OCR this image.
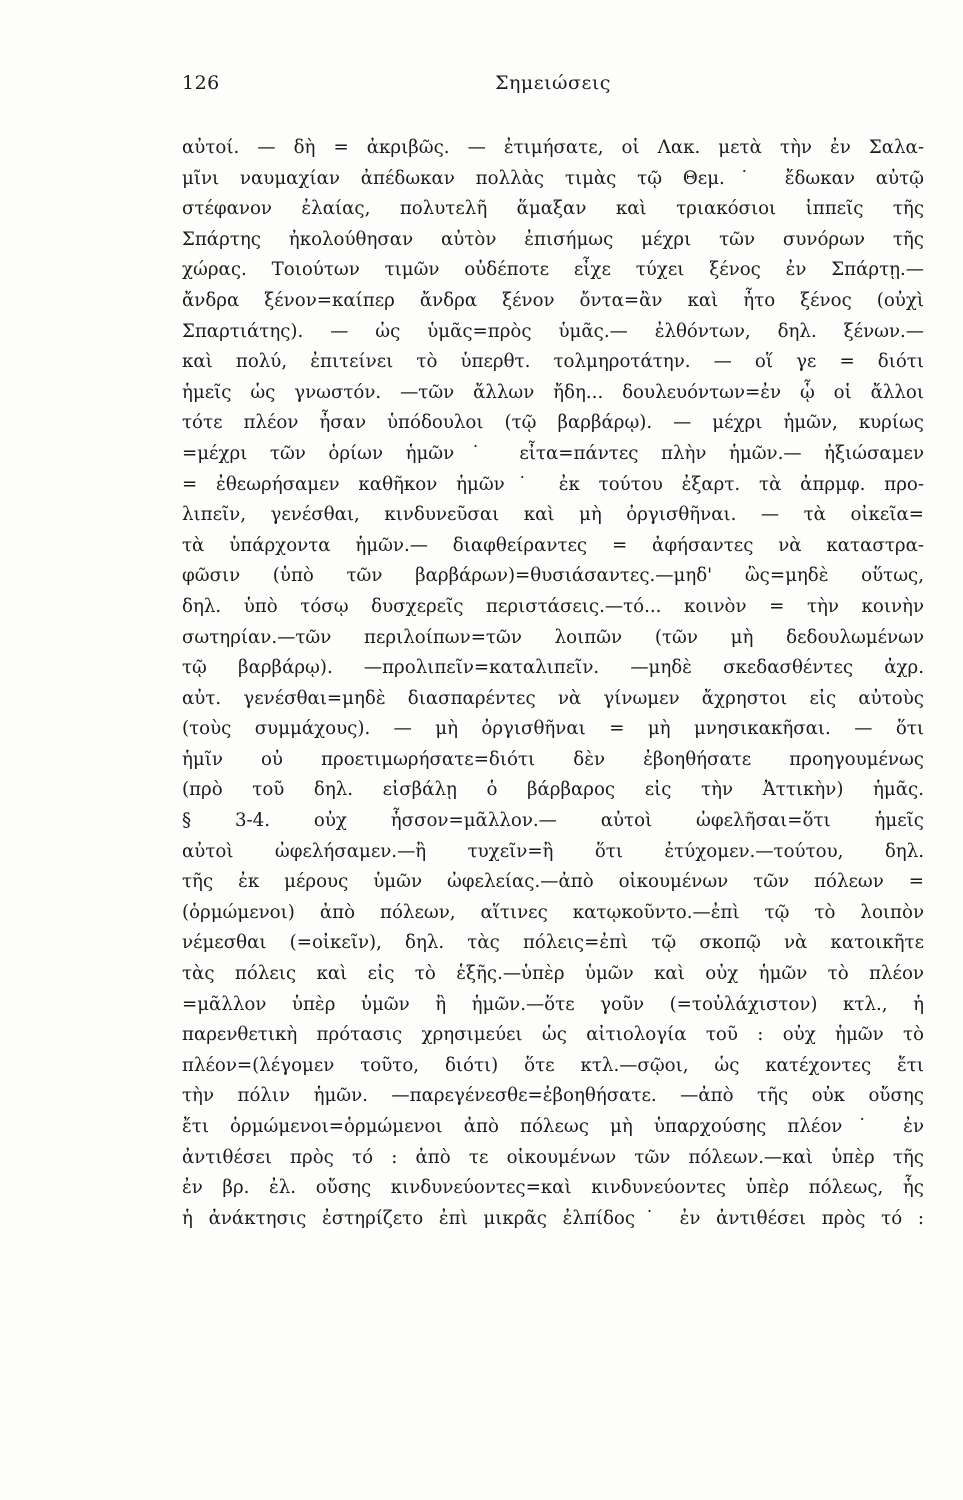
126	Σημειώσεις
αὐτοί. — δὴ = ἀκριβῶς. — ἐτιμήσατε, οἱ Λακ. μετὰ τὴν ἐν Σαλα-
μῖνι ναυμαχίαν ἀπέδωκαν πολλὰς τιμὰς τῷ Θεμ.˙ ἔδωκαν αὐτῷ
στέφανον ἐλαίας, πολυτελῆ ἅμαξαν καὶ τριακόσιοι ἱππεῖς τῆς
Σπάρτης ἠκολούθησαν αὐτὸν ἐπισήμως μέχρι τῶν συνόρων τῆς
χώρας. Τοιούτων τιμῶν οὐδέποτε εἶχε τύχει ξένος ἐν Σπάρτῃ.—
ἄνδρα ξένον=καίπερ ἄνδρα ξένον ὄντα=ἂν καὶ ἦτο ξένος (οὐχὶ
Σπαρτιάτης). — ὡς ὑμᾶς=πρὸς ὑμᾶς.— ἐλθόντων, δηλ. ξένων.—
καὶ πολύ, ἐπιτείνει τὸ ὑπερθτ. τολμηροτάτην. — οἵ γε = διότι
ἡμεῖς ὡς γνωστόν. —τῶν ἄλλων ἤδη... δουλευόντων=ἐν ᾧ οἱ ἄλλοι
τότε πλέον ἦσαν ὑπόδουλοι (τῷ βαρβάρῳ). — μέχρι ἡμῶν, κυρίως
=μέχρι τῶν ὁρίων ἡμῶν˙ εἶτα=πάντες πλὴν ἡμῶν.— ἠξιώσαμεν
= ἐθεωρήσαμεν καθῆκον ἡμῶν˙ ἐκ τούτου ἐξαρτ. τὰ ἀπρμφ. προ-
λιπεῖν, γενέσθαι, κινδυνεῦσαι καὶ μὴ ὀργισθῆναι. — τὰ οἰκεῖα=
τὰ ὑπάρχοντα ἡμῶν.— διαφθείραντες = ἀφήσαντες νὰ καταστρα-
φῶσιν (ὑπὸ τῶν βαρβάρων)=θυσιάσαντες.—μηδ' ὣς=μηδὲ οὕτως,
δηλ. ὑπὸ τόσῳ δυσχερεῖς περιστάσεις.—τό... κοινὸν = τὴν κοινὴν
σωτηρίαν.—τῶν περιλοίπων=τῶν λοιπῶν (τῶν μὴ δεδουλωμένων
τῷ βαρβάρῳ). —προλιπεῖν=καταλιπεῖν. —μηδὲ σκεδασθέντες ἀχρ.
αὐτ. γενέσθαι=μηδὲ διασπαρέντες νὰ γίνωμεν ἄχρηστοι εἰς αὐτοὺς
(τοὺς συμμάχους). — μὴ ὀργισθῆναι = μὴ μνησικακῆσαι. — ὅτι
ἡμῖν οὐ προετιμωρήσατε=διότι δὲν ἐβοηθήσατε προηγουμένως
(πρὸ τοῦ δηλ. εἰσβάλῃ ὁ βάρβαρος εἰς τὴν Ἀττικὴν) ἡμᾶς.
§ 3-4. οὐχ ἧσσον=μᾶλλον.— αὐτοὶ ὠφελῆσαι=ὅτι ἡμεῖς
αὐτοὶ ὠφελήσαμεν.—ἢ τυχεῖν=ἢ ὅτι ἐτύχομεν.—τούτου, δηλ.
τῆς ἐκ μέρους ὑμῶν ὠφελείας.—ἀπὸ οἰκουμένων τῶν πόλεων =
(ὁρμώμενοι) ἀπὸ πόλεων, αἵτινες κατῳκοῦντο.—ἐπὶ τῷ τὸ λοιπὸν
νέμεσθαι (=οἰκεῖν), δηλ. τὰς πόλεις=ἐπὶ τῷ σκοπῷ νὰ κατοικῆτε
τὰς πόλεις καὶ εἰς τὸ ἑξῆς.—ὑπὲρ ὑμῶν καὶ οὐχ ἡμῶν τὸ πλέον
=μᾶλλον ὑπὲρ ὑμῶν ἢ ἡμῶν.—ὅτε γοῦν (=τοὐλάχιστον) κτλ., ἡ
παρενθετικὴ πρότασις χρησιμεύει ὡς αἰτιολογία τοῦ : οὐχ ἡμῶν τὸ
πλέον=(λέγομεν τοῦτο, διότι) ὅτε κτλ.—σῷοι, ὡς κατέχοντες ἔτι
τὴν πόλιν ἡμῶν. —παρεγένεσθε=ἐβοηθήσατε. —ἀπὸ τῆς οὐκ οὔσης
ἔτι ὁρμώμενοι=ὁρμώμενοι ἀπὸ πόλεως μὴ ὑπαρχούσης πλέον˙ ἐν
ἀντιθέσει πρὸς τό : ἀπὸ τε οἰκουμένων τῶν πόλεων.—καὶ ὑπὲρ τῆς
ἐν βρ. ἐλ. οὔσης κινδυνεύοντες=καὶ κινδυνεύοντες ὑπὲρ πόλεως, ἧς
ἡ ἀνάκτησις ἐστηρίζετο ἐπὶ μικρᾶς ἐλπίδος˙ ἐν ἀντιθέσει πρὸς τό :
